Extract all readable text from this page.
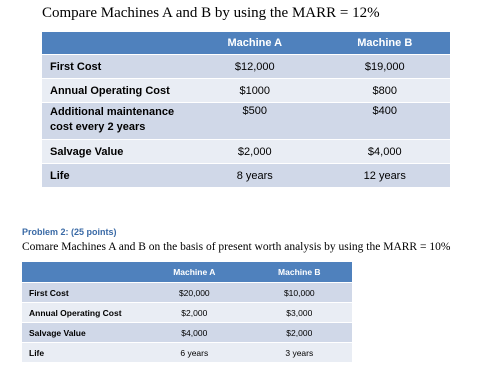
Compare Machines A and B by using the MARR = 12%
	Machine A	Machine B
First Cost	$12,000	$19,000
Annual Operating Cost	$1000	$800
Additional maintenance cost every 2 years	$500	$400
Salvage Value	$2,000	$4,000
Life	8 years	12 years
Problem 2: (25 points)
Comare Machines A and B on the basis of present worth analysis by using the MARR = 10%
	Machine A	Machine B
First Cost	$20,000	$10,000
Annual Operating Cost	$2,000	$3,000
Salvage Value	$4,000	$2,000
Life	6 years	3 years
